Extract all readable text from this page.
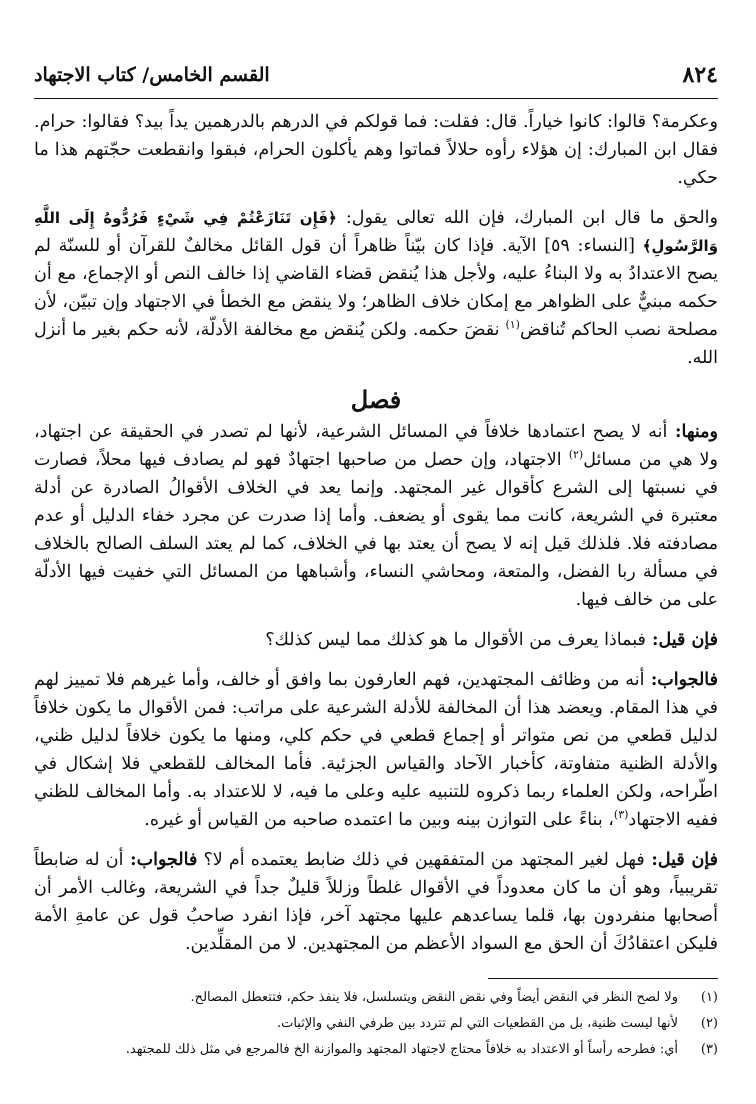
٨٢٤
القسم الخامس/ كتاب الاجتهاد

وعكرمة؟ قالوا: كانوا خياراً. قال: فقلت: فما قولكم في الدرهم بالدرهمين يداً بيد؟ فقالوا: حرام. فقال ابن المبارك: إن هؤلاء رأوه حلالاً فماتوا وهم يأكلون الحرام، فبقوا وانقطعت حجّتهم هذا ما حكي.

والحق ما قال ابن المبارك، فإن الله تعالى يقول: ﴿فَإِن تَنَازَعْتُمْ فِي شَيْءٍ فَرُدُّوهُ إِلَى اللَّهِ وَالرَّسُولِ﴾ [النساء: ٥٩] الآية. فإذا كان بيّناً ظاهراً أن قول القائل مخالفٌ للقرآن أو للسنّة لم يصح الاعتدادُ به ولا البناءُ عليه، ولأجل هذا يُنقض قضاء القاضي إذا خالف النص أو الإجماع، مع أن حكمه مبنيٌّ على الظواهر مع إمكان خلاف الظاهر؛ ولا ينقض مع الخطأ في الاجتهاد وإن تبيّن، لأن مصلحة نصب الحاكم تُناقض$^{(١)}$ نقضَ حكمه. ولكن يُنقض مع مخالفة الأدلّة، لأنه حكم بغير ما أنزل الله.

فصل

ومنها: أنه لا يصح اعتمادها خلافاً في المسائل الشرعية، لأنها لم تصدر في الحقيقة عن اجتهاد، ولا هي من مسائل$^{(٢)}$ الاجتهاد، وإن حصل من صاحبها اجتهادٌ فهو لم يصادف فيها محلاً، فصارت في نسبتها إلى الشرع كأقوال غير المجتهد. وإنما يعد في الخلاف الأقوالُ الصادرة عن أدلة معتبرة في الشريعة، كانت مما يقوى أو يضعف. وأما إذا صدرت عن مجرد خفاء الدليل أو عدم مصادفته فلا. فلذلك قيل إنه لا يصح أن يعتد بها في الخلاف، كما لم يعتد السلف الصالح بالخلاف في مسألة ربا الفضل، والمتعة، ومحاشي النساء، وأشباهها من المسائل التي خفيت فيها الأدلّة على من خالف فيها.

فإن قيل: فبماذا يعرف من الأقوال ما هو كذلك مما ليس كذلك؟

فالجواب: أنه من وظائف المجتهدين، فهم العارفون بما وافق أو خالف، وأما غيرهم فلا تمييز لهم في هذا المقام. ويعضد هذا أن المخالفة للأدلة الشرعية على مراتب: فمن الأقوال ما يكون خلافاً لدليل قطعي من نص متواتر أو إجماع قطعي في حكم كلي، ومنها ما يكون خلافاً لدليل ظني، والأدلة الظنية متفاوتة، كأخبار الآحاد والقياس الجزئية. فأما المخالف للقطعي فلا إشكال في اطّراحه، ولكن العلماء ربما ذكروه للتنبيه عليه وعلى ما فيه، لا للاعتداد به. وأما المخالف للظني ففيه الاجتهاد$^{(٣)}$، بناءً على التوازن بينه وبين ما اعتمده صاحبه من القياس أو غيره.

فإن قيل: فهل لغير المجتهد من المتفقهين في ذلك ضابط يعتمده أم لا؟ فالجواب: أن له ضابطاً تقريبياً، وهو أن ما كان معدوداً في الأقوال غلطاً وزللاً قليلٌ جداً في الشريعة، وغالب الأمر أن أصحابها منفردون بها، قلما يساعدهم عليها مجتهد آخر، فإذا انفرد صاحبُ قول عن عامةِ الأمة فليكن اعتقادُكَ أن الحق مع السواد الأعظم من المجتهدين. لا من المقلِّدين.

(١)
ولا لصح النظر في النقض أيضاً وفي نقض النقض ويتسلسل، فلا ينفذ حكم، فتتعطل المصالح.
(٢)
لأنها ليست ظنية، بل من القطعيات التي لم تتردد بين طرفي النفي والإثبات.
(٣)
أي: فطرحه رأساً أو الاعتداد به خلافاً محتاج لاجتهاد المجتهد والموازنة الخ فالمرجع في مثل ذلك للمجتهد.
